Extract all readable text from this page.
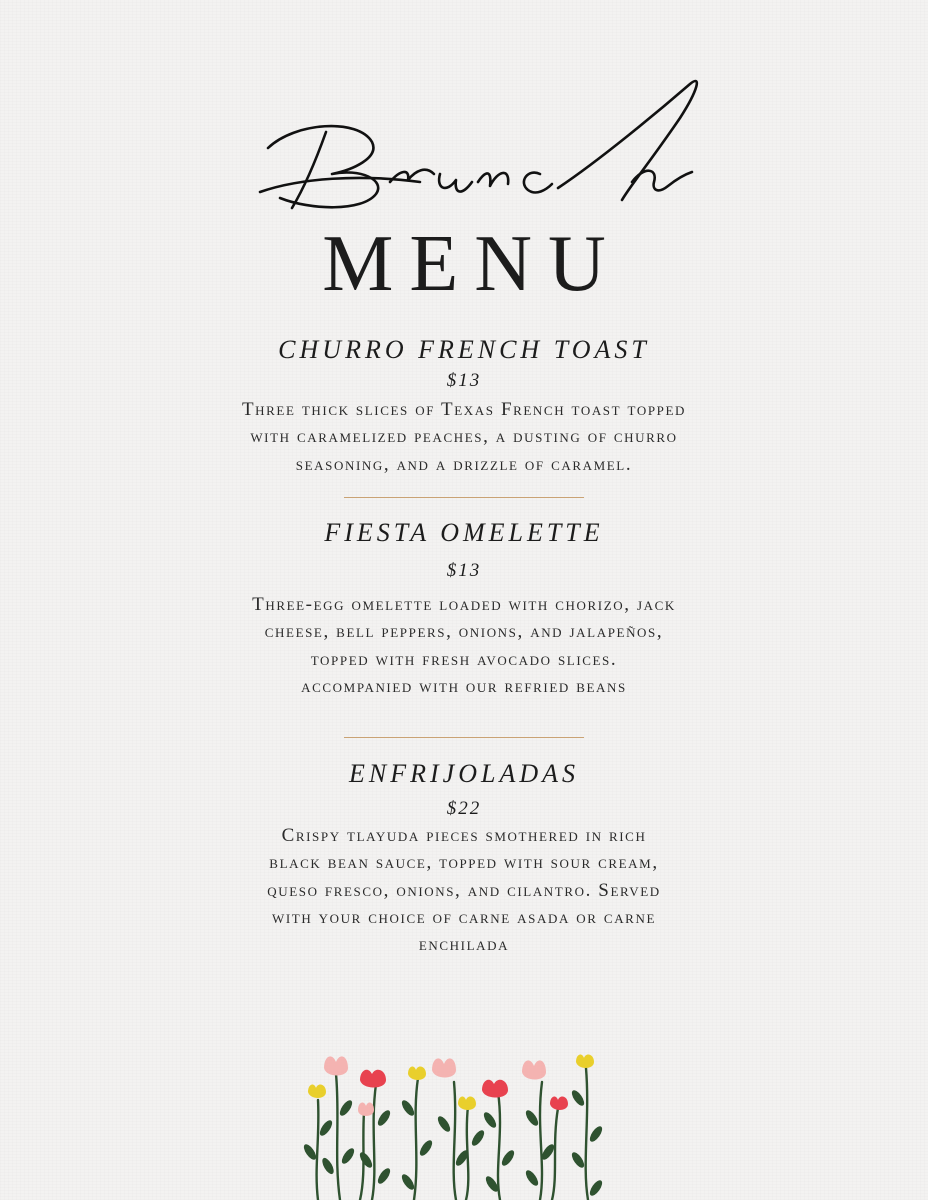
MENU
CHURRO FRENCH TOAST
$13
Three thick slices of Texas French toast topped
with caramelized peaches, a dusting of churro
seasoning, and a drizzle of caramel.
FIESTA OMELETTE
$13
Three-egg omelette loaded with chorizo, jack
cheese, bell peppers, onions, and jalapeños,
topped with fresh avocado slices.
accompanied with our refried beans
ENFRIJOLADAS
$22
Crispy tlayuda pieces smothered in rich
black bean sauce, topped with sour cream,
queso fresco, onions, and cilantro. Served
with your choice of carne asada or carne
enchilada
